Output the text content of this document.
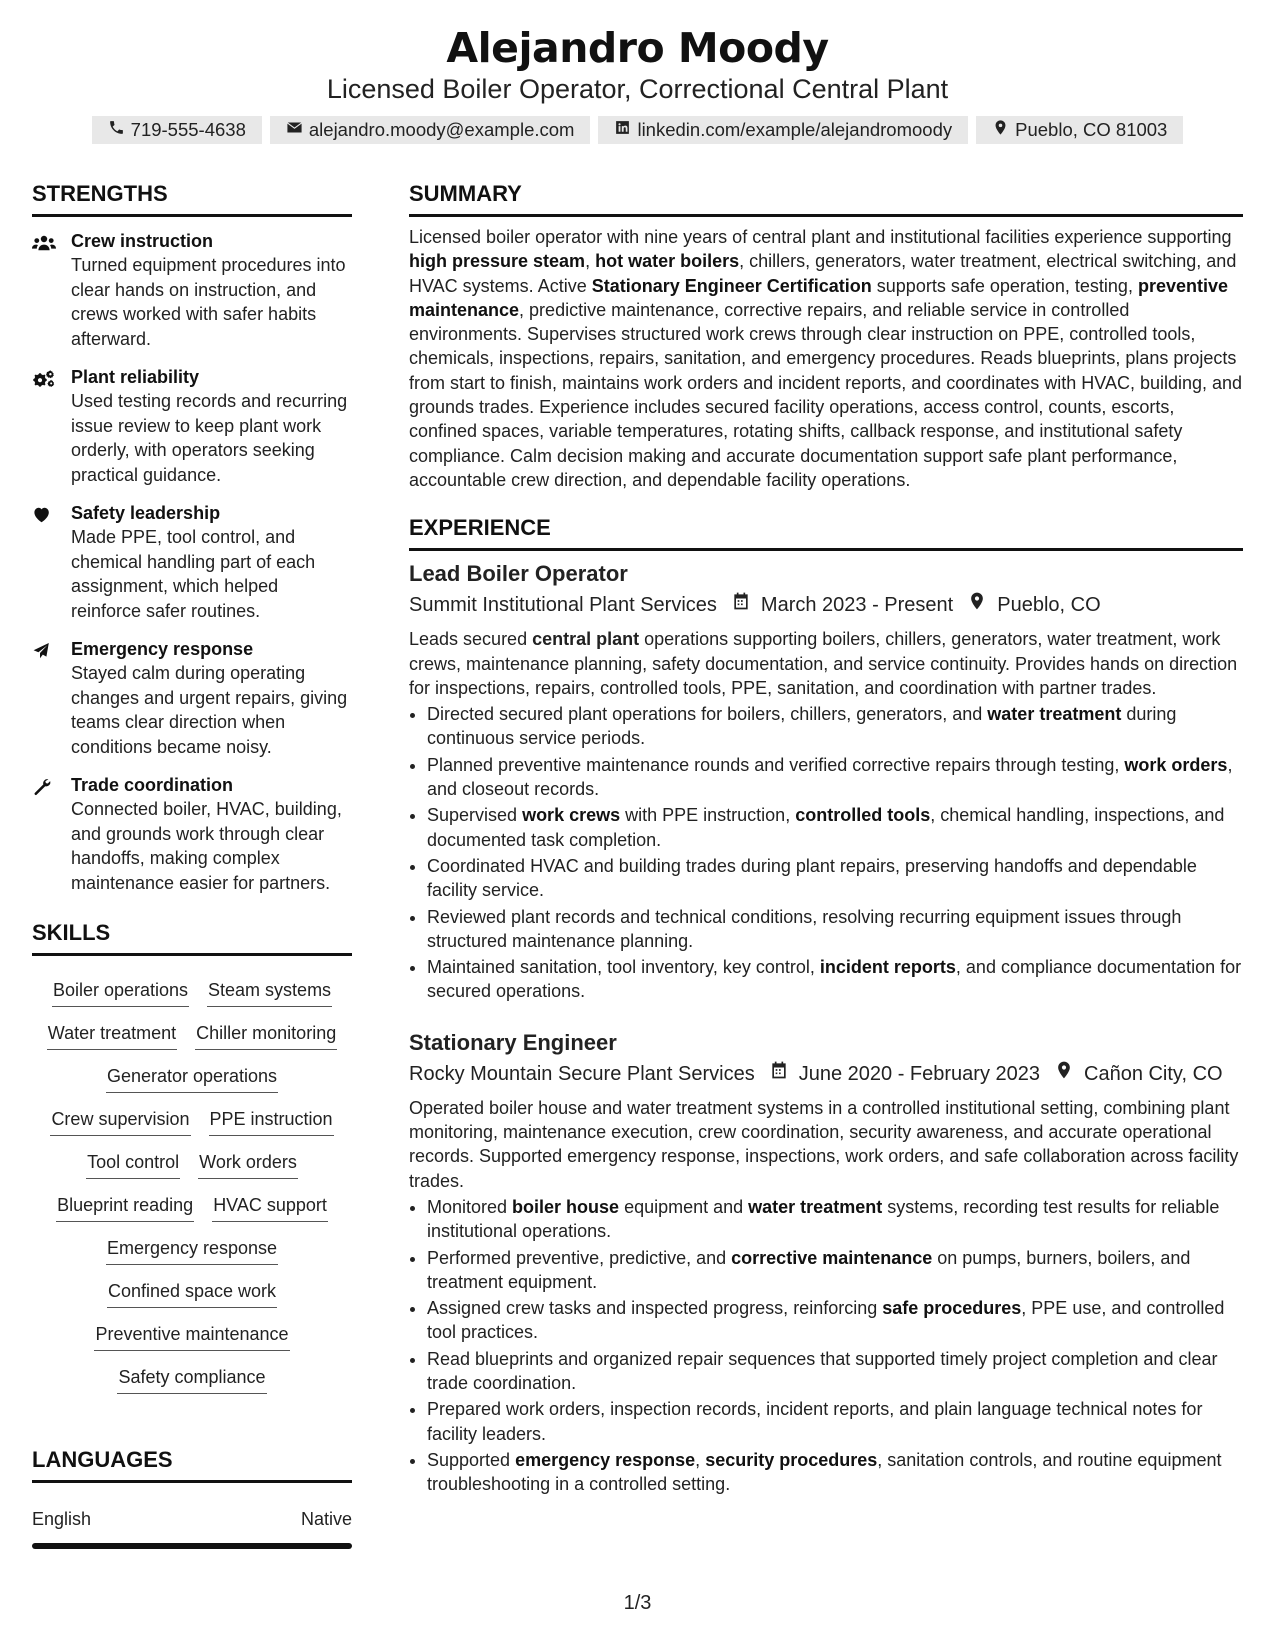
Alejandro Moody
Licensed Boiler Operator, Correctional Central Plant
719-555-4638	alejandro.moody@example.com	linkedin.com/example/alejandromoody	Pueblo, CO 81003
STRENGTHS
Crew instruction
Turned equipment procedures into clear hands on instruction, and crews worked with safer habits afterward.
Plant reliability
Used testing records and recurring issue review to keep plant work orderly, with operators seeking practical guidance.
Safety leadership
Made PPE, tool control, and chemical handling part of each assignment, which helped reinforce safer routines.
Emergency response
Stayed calm during operating changes and urgent repairs, giving teams clear direction when conditions became noisy.
Trade coordination
Connected boiler, HVAC, building, and grounds work through clear handoffs, making complex maintenance easier for partners.
SKILLS
Boiler operations Steam systems
Water treatment Chiller monitoring
Generator operations
Crew supervision PPE instruction
Tool control Work orders
Blueprint reading HVAC support
Emergency response
Confined space work
Preventive maintenance
Safety compliance
LANGUAGES
English	Native
SUMMARY
Licensed boiler operator with nine years of central plant and institutional facilities experience supporting high pressure steam, hot water boilers, chillers, generators, water treatment, electrical switching, and HVAC systems. Active Stationary Engineer Certification supports safe operation, testing, preventive maintenance, predictive maintenance, corrective repairs, and reliable service in controlled environments. Supervises structured work crews through clear instruction on PPE, controlled tools, chemicals, inspections, repairs, sanitation, and emergency procedures. Reads blueprints, plans projects from start to finish, maintains work orders and incident reports, and coordinates with HVAC, building, and grounds trades. Experience includes secured facility operations, access control, counts, escorts, confined spaces, variable temperatures, rotating shifts, callback response, and institutional safety compliance. Calm decision making and accurate documentation support safe plant performance, accountable crew direction, and dependable facility operations.
EXPERIENCE
Lead Boiler Operator
Summit Institutional Plant Services March 2023 - Present Pueblo, CO
Leads secured central plant operations supporting boilers, chillers, generators, water treatment, work crews, maintenance planning, safety documentation, and service continuity. Provides hands on direction for inspections, repairs, controlled tools, PPE, sanitation, and coordination with partner trades.
• Directed secured plant operations for boilers, chillers, generators, and water treatment during continuous service periods.
• Planned preventive maintenance rounds and verified corrective repairs through testing, work orders, and closeout records.
• Supervised work crews with PPE instruction, controlled tools, chemical handling, inspections, and documented task completion.
• Coordinated HVAC and building trades during plant repairs, preserving handoffs and dependable facility service.
• Reviewed plant records and technical conditions, resolving recurring equipment issues through structured maintenance planning.
• Maintained sanitation, tool inventory, key control, incident reports, and compliance documentation for secured operations.
Stationary Engineer
Rocky Mountain Secure Plant Services June 2020 - February 2023 Cañon City, CO
Operated boiler house and water treatment systems in a controlled institutional setting, combining plant monitoring, maintenance execution, crew coordination, security awareness, and accurate operational records. Supported emergency response, inspections, work orders, and safe collaboration across facility trades.
• Monitored boiler house equipment and water treatment systems, recording test results for reliable institutional operations.
• Performed preventive, predictive, and corrective maintenance on pumps, burners, boilers, and treatment equipment.
• Assigned crew tasks and inspected progress, reinforcing safe procedures, PPE use, and controlled tool practices.
• Read blueprints and organized repair sequences that supported timely project completion and clear trade coordination.
• Prepared work orders, inspection records, incident reports, and plain language technical notes for facility leaders.
• Supported emergency response, security procedures, sanitation controls, and routine equipment troubleshooting in a controlled setting.
1/3
